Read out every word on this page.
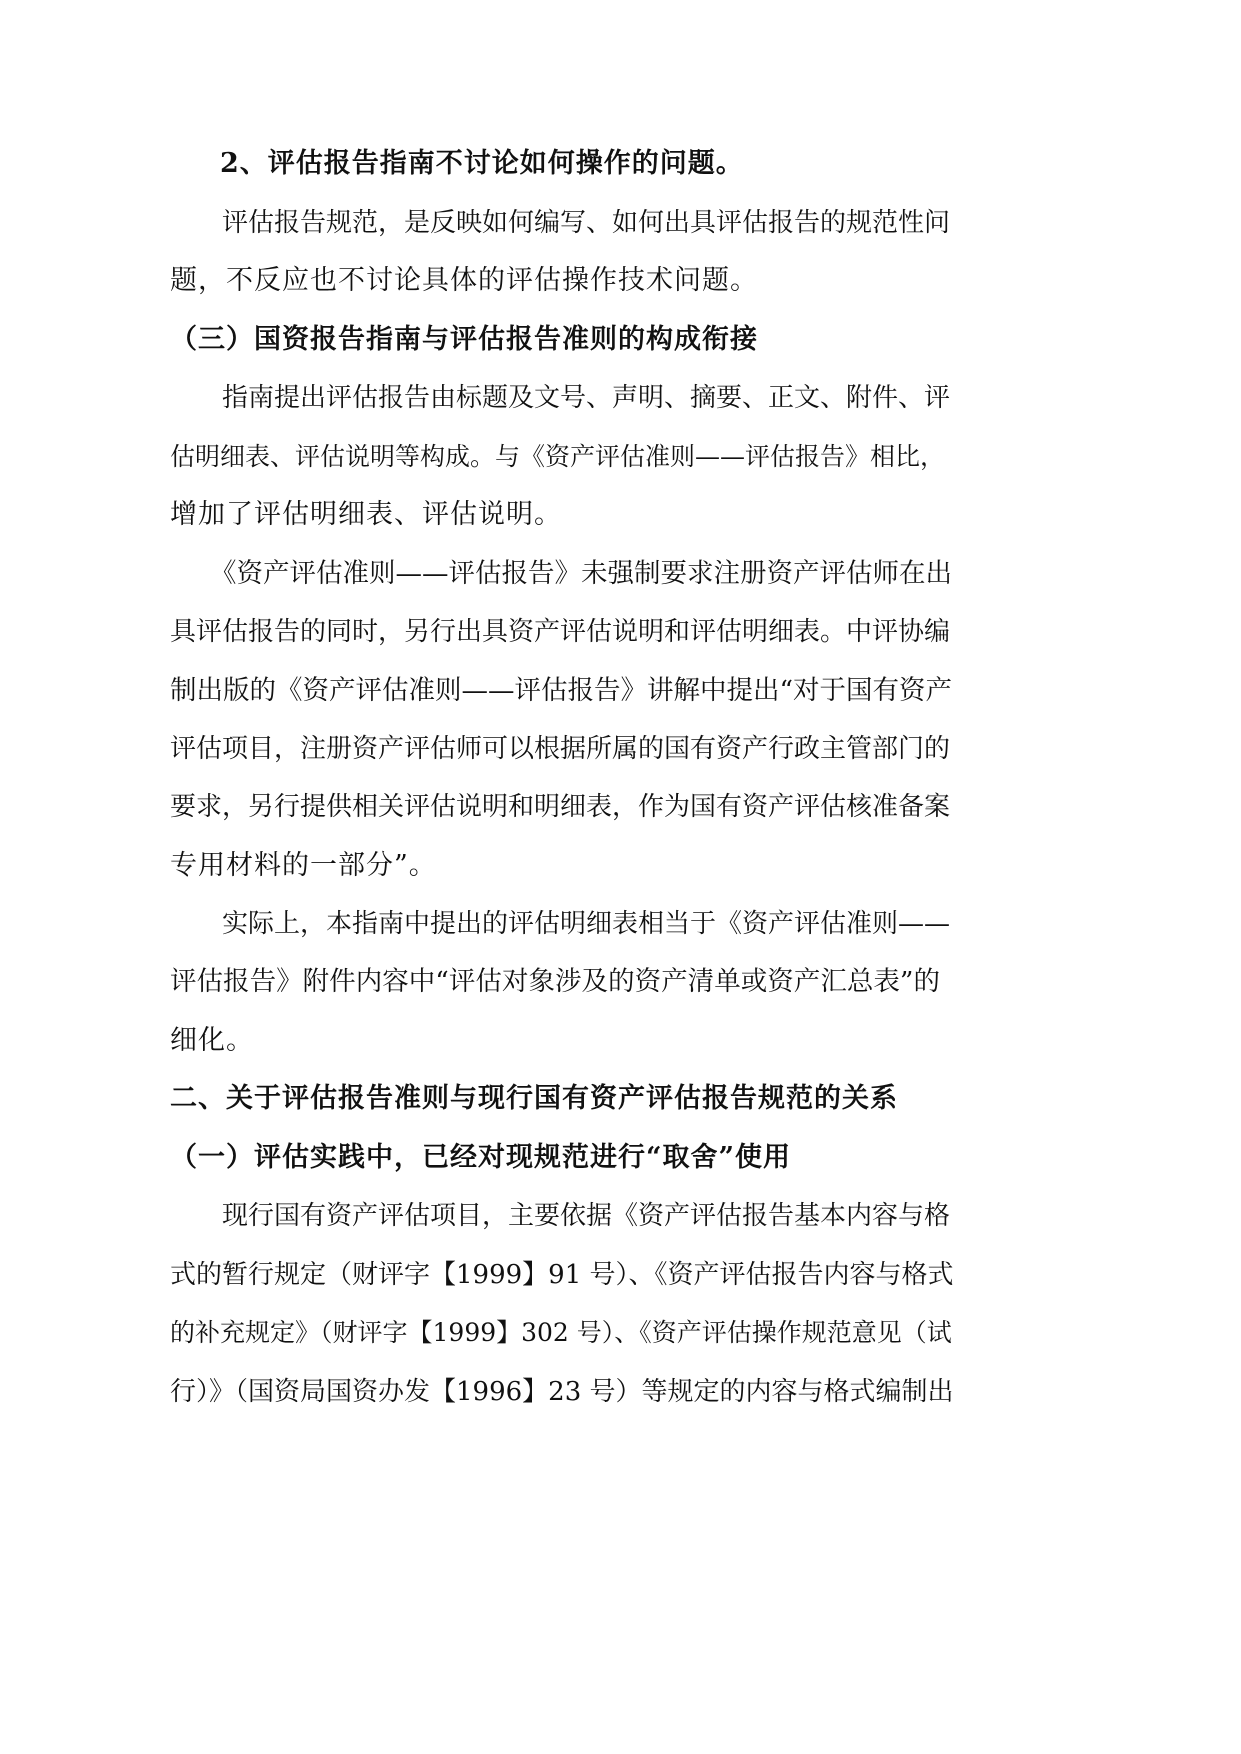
2、评估报告指南不讨论如何操作的问题。
评估报告规范，是反映如何编写、如何出具评估报告的规范性问
题，不反应也不讨论具体的评估操作技术问题。
（三）国资报告指南与评估报告准则的构成衔接
指南提出评估报告由标题及文号、声明、摘要、正文、附件、评
估明细表、评估说明等构成。与《资产评估准则——评估报告》相比，
增加了评估明细表、评估说明。
《资产评估准则——评估报告》未强制要求注册资产评估师在出
具评估报告的同时，另行出具资产评估说明和评估明细表。中评协编
制出版的《资产评估准则——评估报告》讲解中提出“对于国有资产
评估项目，注册资产评估师可以根据所属的国有资产行政主管部门的
要求，另行提供相关评估说明和明细表，作为国有资产评估核准备案
专用材料的一部分”。
实际上，本指南中提出的评估明细表相当于《资产评估准则——
评估报告》附件内容中“评估对象涉及的资产清单或资产汇总表”的
细化。
二、关于评估报告准则与现行国有资产评估报告规范的关系
（一）评估实践中，已经对现规范进行“取舍”使用
现行国有资产评估项目，主要依据《资产评估报告基本内容与格
式的暂行规定（财评字【1999】91 号）、《资产评估报告内容与格式
的补充规定》（财评字【1999】302 号）、《资产评估操作规范意见（试
行）》（国资局国资办发【1996】23 号）等规定的内容与格式编制出
